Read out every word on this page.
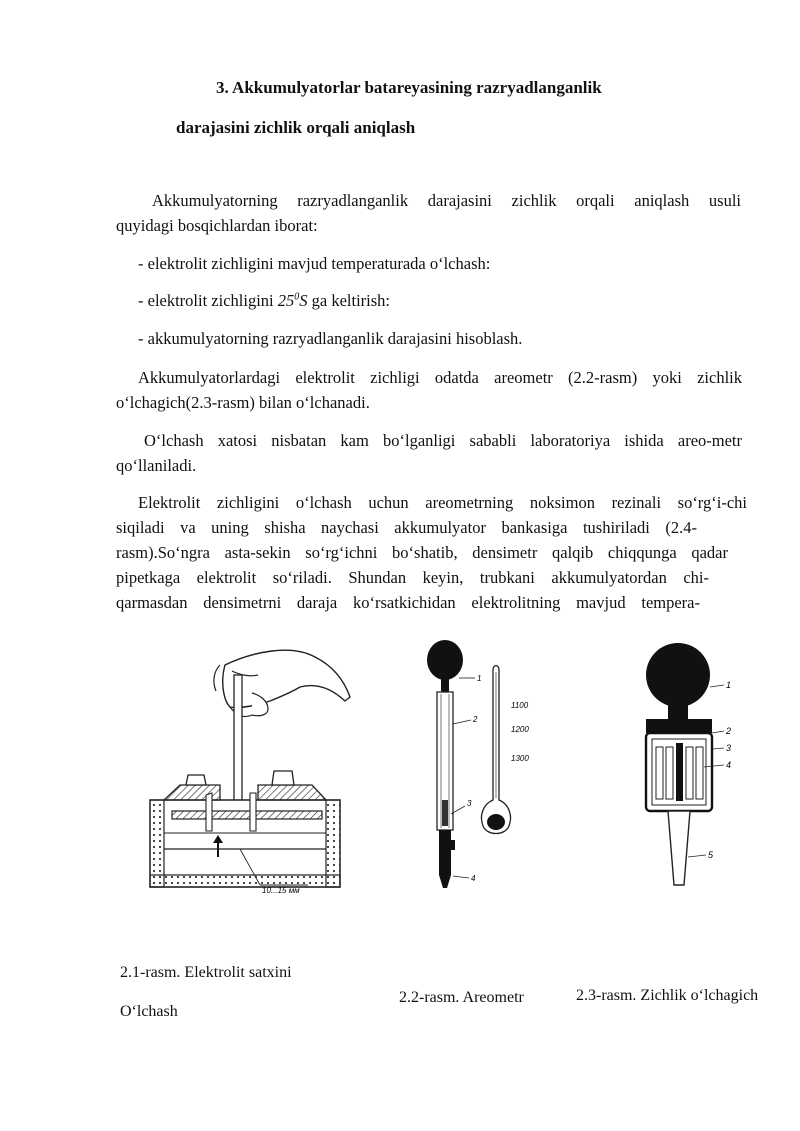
3. Akkumulyatorlar batareyasining razryadlanganlik
darajasini zichlik orqali aniqlash
Akkumulyatorning razryadlanganlik darajasini zichlik orqali aniqlash usuli
quyidagi bosqichlardan iborat:
- elektrolit zichligini mavjud temperaturada o‘lchash:
- elektrolit zichligini $25^0S$ ga keltirish:
- akkumulyatorning razryadlanganlik darajasini hisoblash.
Akkumulyatorlardagi elektrolit zichligi odatda areometr (2.2-rasm) yoki zichlik
o‘lchagich(2.3-rasm) bilan o‘lchanadi.
O‘lchash xatosi nisbatan kam bo‘lganligi sababli laboratoriya ishida areo-metr
qo‘llaniladi.
Elektrolit zichligini o‘lchash uchun areometrning noksimon rezinali so‘rg‘i-chi
siqiladi va uning shisha naychasi akkumulyator bankasiga tushiriladi (2.4-
rasm).So‘ngra asta-sekin so‘rg‘ichni bo‘shatib, densimetr qalqib chiqqunga qadar
pipetkaga elektrolit so‘riladi. Shundan keyin, trubkani akkumulyatordan chi-
qarmasdan densimetrni daraja ko‘rsatkichidan elektrolitning mavjud tempera-
10...15 мм
1100
1200
1300
1
2
3
4
1
2
3
4
5
2.1-rasm. Elektrolit satxini
O‘lchash
2.2-rasm. Areometr	2.3-rasm. Zichlik o‘lchagich
